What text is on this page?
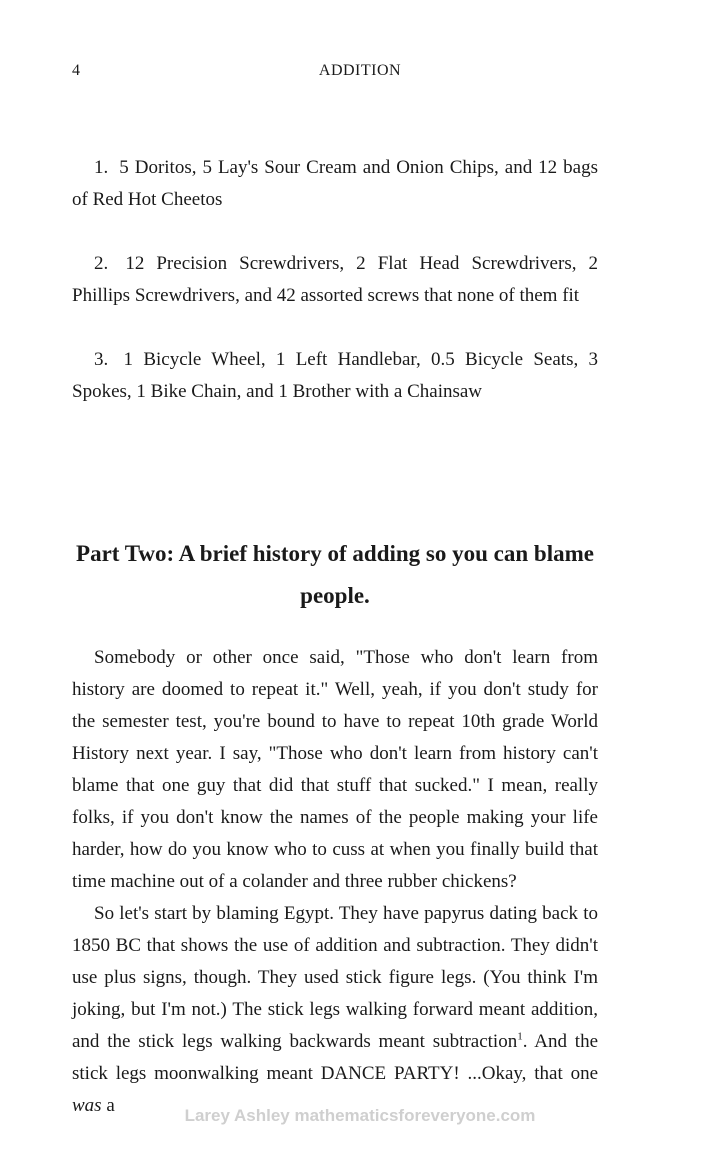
4	ADDITION

1. 5 Doritos, 5 Lay's Sour Cream and Onion Chips, and 12 bags of Red Hot Cheetos

2. 12 Precision Screwdrivers, 2 Flat Head Screwdrivers, 2 Phillips Screwdrivers, and 42 assorted screws that none of them fit

3. 1 Bicycle Wheel, 1 Left Handlebar, 0.5 Bicycle Seats, 3 Spokes, 1 Bike Chain, and 1 Brother with a Chainsaw

Part Two: A brief history of adding so you can blame people.

Somebody or other once said, "Those who don't learn from history are doomed to repeat it." Well, yeah, if you don't study for the semester test, you're bound to have to repeat 10th grade World History next year. I say, "Those who don't learn from history can't blame that one guy that did that stuff that sucked." I mean, really folks, if you don't know the names of the people making your life harder, how do you know who to cuss at when you finally build that time machine out of a colander and three rubber chickens?

So let's start by blaming Egypt. They have papyrus dating back to 1850 BC that shows the use of addition and subtraction. They didn't use plus signs, though. They used stick figure legs. (You think I'm joking, but I'm not.) The stick legs walking forward meant addition, and the stick legs walking backwards meant subtraction$^1$. And the stick legs moonwalking meant DANCE PARTY! ...Okay, that one was a	Larey Ashley mathematicsforeveryone.com
